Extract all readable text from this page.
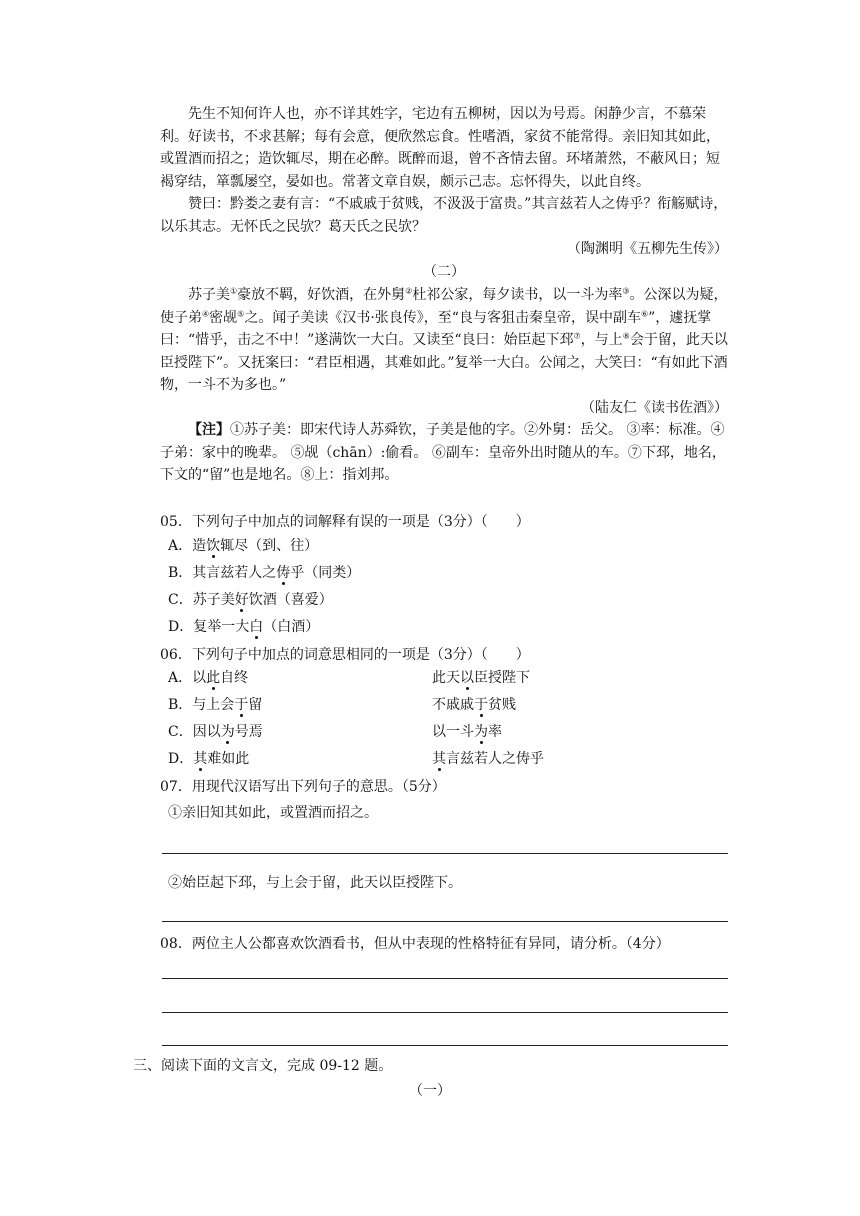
先生不知何许人也，亦不详其姓字，宅边有五柳树，因以为号焉。闲静少言，不慕荣利。好读书，不求甚解；每有会意，便欣然忘食。性嗜酒，家贫不能常得。亲旧知其如此，或置酒而招之；造饮辄尽，期在必醉。既醉而退，曾不吝情去留。环堵萧然，不蔽风日；短褐穿结，箪瓢屡空，晏如也。常著文章自娱，颇示己志。忘怀得失，以此自终。

赞曰：黔娄之妻有言：“不戚戚于贫贱，不汲汲于富贵。”其言兹若人之俦乎？衔觞赋诗，以乐其志。无怀氏之民欤？葛天氏之民欤？

（陶渊明《五柳先生传》）

（二）

苏子美①豪放不羁，好饮酒，在外舅②杜祁公家，每夕读书，以一斗为率③。公深以为疑，使子弟④密觇⑤之。闻子美读《汉书·张良传》，至“良与客狙击秦皇帝，误中副车⑥”，遽抚掌曰：“惜乎，击之不中！”遂满饮一大白。又读至“良曰：始臣起下邳⑦，与上⑧会于留，此天以臣授陛下”。又抚案曰：“君臣相遇，其难如此。”复举一大白。公闻之，大笑曰：“有如此下酒物，一斗不为多也。”

（陆友仁《读书佐酒》）

【注】①苏子美：即宋代诗人苏舜钦，子美是他的字。②外舅：岳父。 ③率：标准。④子弟：家中的晚辈。 ⑤觇（chān）:偷看。 ⑥副车：皇帝外出时随从的车。⑦下邳，地名，下文的“留”也是地名。⑧上：指刘邦。

05．下列句子中加点的词解释有误的一项是（3分）（　　）
A．造饮辄尽（到、往）
B．其言兹若人之俦乎（同类）
C．苏子美好饮酒（喜爱）
D．复举一大白（白酒）
06．下列句子中加点的词意思相同的一项是（3分）（　　）
A．以此自终	此天以臣授陛下
B．与上会于留	不戚戚于贫贱
C．因以为号焉	以一斗为率
D．其难如此	其言兹若人之俦乎
07．用现代汉语写出下列句子的意思。（5分）
①亲旧知其如此，或置酒而招之。
②始臣起下邳，与上会于留，此天以臣授陛下。
08．两位主人公都喜欢饮酒看书，但从中表现的性格特征有异同，请分析。（4分）
三、阅读下面的文言文，完成 09-12 题。
（一）
